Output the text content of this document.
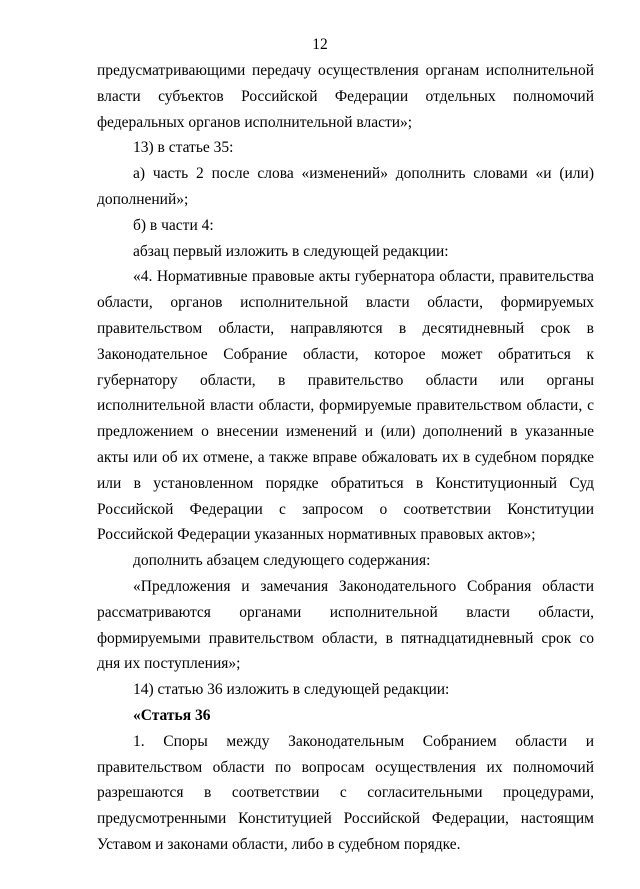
12

предусматривающими передачу осуществления органам исполнительной власти субъектов Российской Федерации отдельных полномочий федеральных органов исполнительной власти»;

13) в статье 35:

а) часть 2 после слова «изменений» дополнить словами «и (или) дополнений»;

б) в части 4:

абзац первый изложить в следующей редакции:

«4. Нормативные правовые акты губернатора области, правительства области, органов исполнительной власти области, формируемых правительством области, направляются в десятидневный срок в Законодательное Собрание области, которое может обратиться к губернатору области, в правительство области или органы исполнительной власти области, формируемые правительством области, с предложением о внесении изменений и (или) дополнений в указанные акты или об их отмене, а также вправе обжаловать их в судебном порядке или в установленном порядке обратиться в Конституционный Суд Российской Федерации с запросом о соответствии Конституции Российской Федерации указанных нормативных правовых актов»;

дополнить абзацем следующего содержания:

«Предложения и замечания Законодательного Собрания области рассматриваются органами исполнительной власти области, формируемыми правительством области, в пятнадцатидневный срок со дня их поступления»;

14) статью 36 изложить в следующей редакции:

«Статья 36

1. Споры между Законодательным Собранием области и правительством области по вопросам осуществления их полномочий разрешаются в соответствии с согласительными процедурами, предусмотренными Конституцией Российской Федерации, настоящим Уставом и законами области, либо в судебном порядке.
